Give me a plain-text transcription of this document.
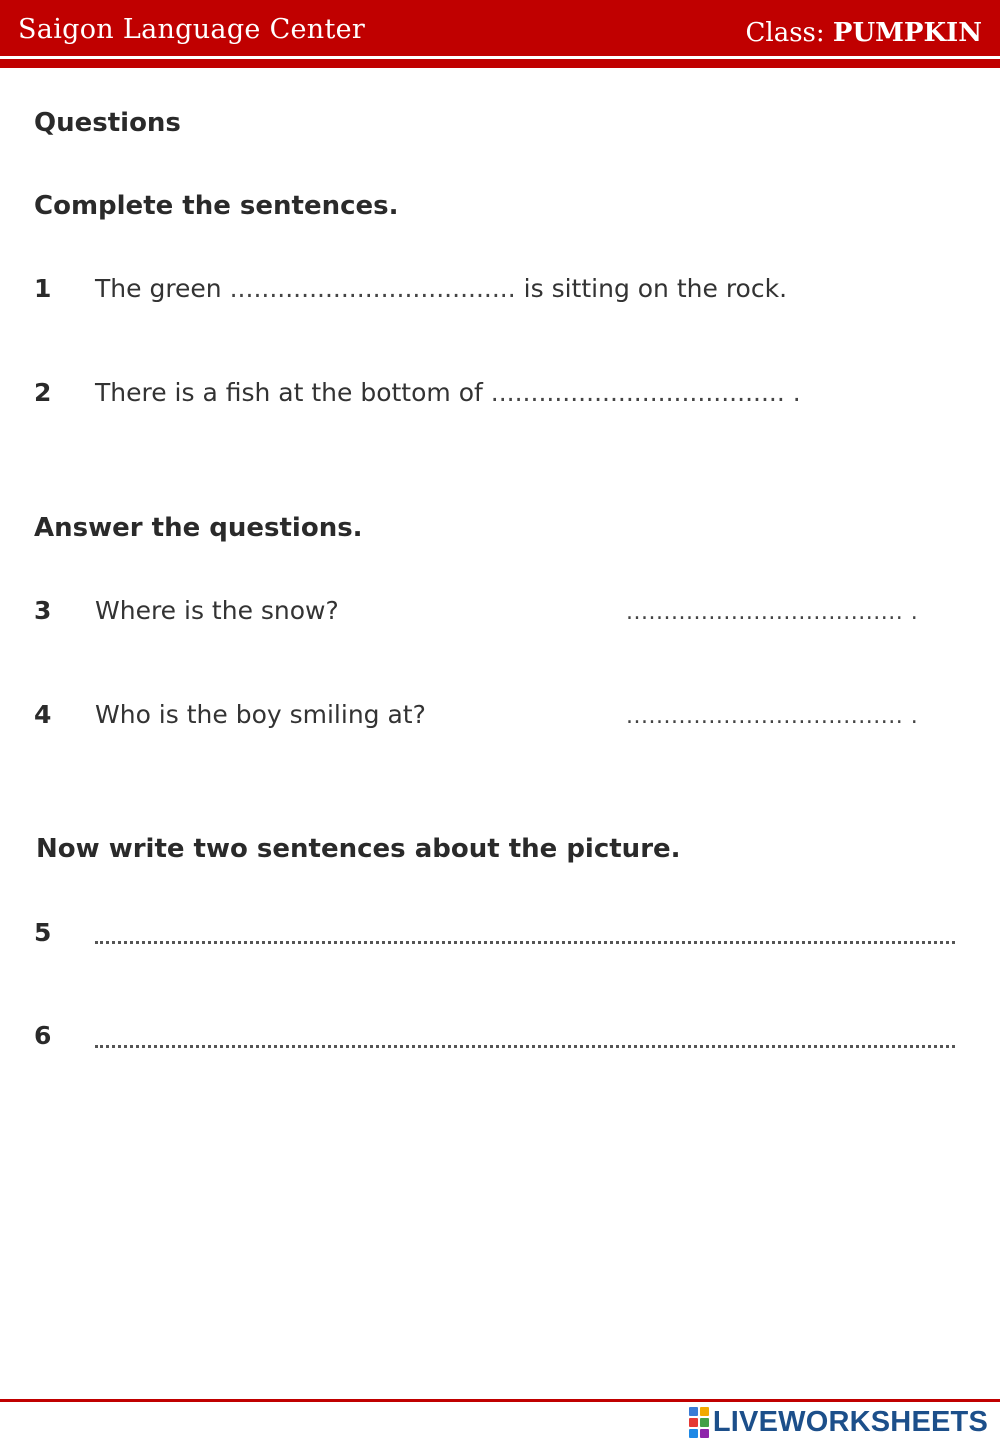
Saigon Language Center	Class: PUMPKIN
Questions
Complete the sentences.
1 The green .................................... is sitting on the rock.
2 There is a fish at the bottom of ..................................... .
Answer the questions.
3 Where is the snow?	..................................... .
4 Who is the boy smiling at?	..................................... .
Now write two sentences about the picture.
5
6
LIVEWORKSHEETS
